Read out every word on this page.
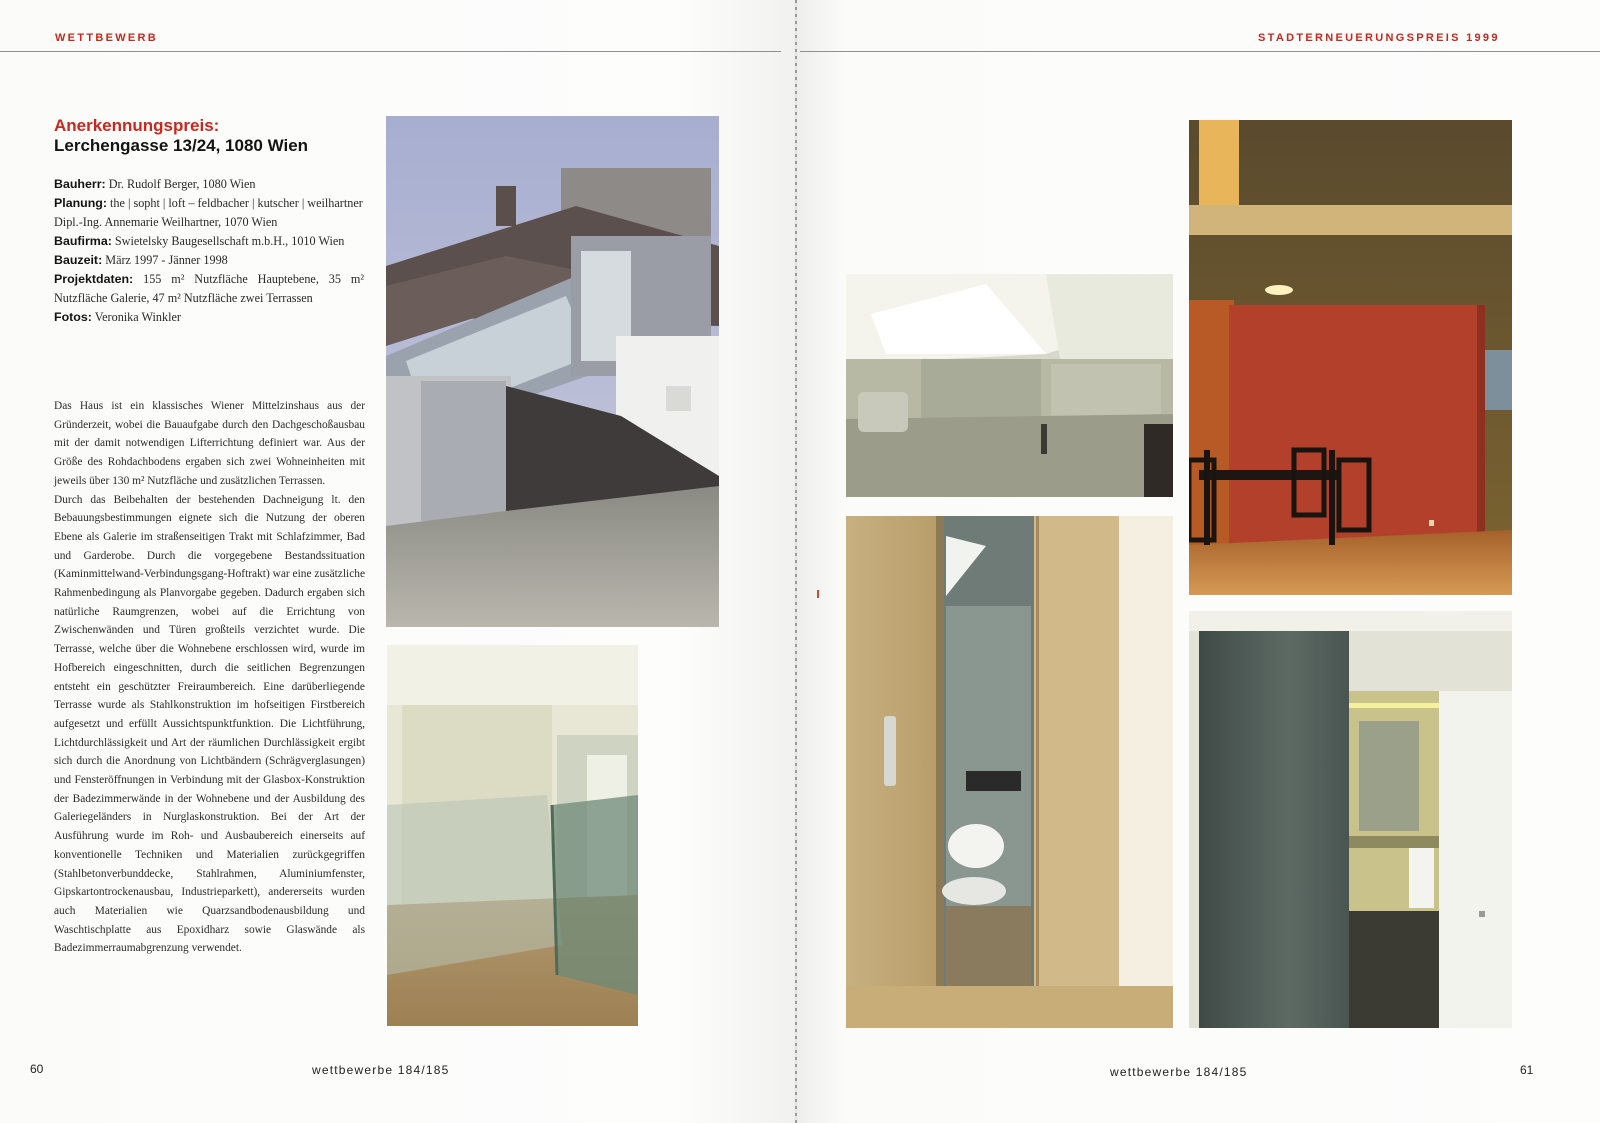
WETTBEWERB	STADTERNEUERUNGSPREIS 1999
Anerkennungspreis:
Lerchengasse 13/24, 1080 Wien

Bauherr: Dr. Rudolf Berger, 1080 Wien

Planung: the | sopht | loft – feldbacher | kutscher | weilhartner

Dipl.-Ing. Annemarie Weilhartner, 1070 Wien

Baufirma: Swietelsky Baugesellschaft m.b.H., 1010 Wien

Bauzeit: März 1997 - Jänner 1998

Projektdaten: 155 m² Nutzfläche Hauptebene, 35 m² Nutzfläche Galerie, 47 m² Nutzfläche zwei Terrassen

Fotos: Veronika Winkler

Das Haus ist ein klassisches Wiener Mittelzinshaus aus der Gründerzeit, wobei die Bauaufgabe durch den Dachgeschoßausbau mit der damit notwendigen Lifterrichtung definiert war. Aus der Größe des Rohdachbodens ergaben sich zwei Wohneinheiten mit jeweils über 130 m² Nutzfläche und zusätzlichen Terrassen.

Durch das Beibehalten der bestehenden Dachneigung lt. den Bebauungsbestimmungen eignete sich die Nutzung der oberen Ebene als Galerie im straßenseitigen Trakt mit Schlafzimmer, Bad und Garderobe. Durch die vorgegebene Bestandssituation (Kaminmittelwand-Verbindungsgang-Hoftrakt) war eine zusätzliche Rahmenbedingung als Planvorgabe gegeben. Dadurch ergaben sich natürliche Raumgrenzen, wobei auf die Errichtung von Zwischenwänden und Türen großteils verzichtet wurde. Die Terrasse, welche über die Wohnebene erschlossen wird, wurde im Hofbereich eingeschnitten, durch die seitlichen Begrenzungen entsteht ein geschützter Freiraumbereich. Eine darüberliegende Terrasse wurde als Stahlkonstruktion im hofseitigen Firstbereich aufgesetzt und erfüllt Aussichtspunktfunktion. Die Lichtführung, Lichtdurchlässigkeit und Art der räumlichen Durchlässigkeit ergibt sich durch die Anordnung von Lichtbändern (Schrägverglasungen) und Fensteröffnungen in Verbindung mit der Glasbox-Konstruktion der Badezimmerwände in der Wohnebene und der Ausbildung des Galeriegeländers in Nurglaskonstruktion. Bei der Art der Ausführung wurde im Roh- und Ausbaubereich einerseits auf konventionelle Techniken und Materialien zurückgegriffen (Stahlbetonverbunddecke, Stahlrahmen, Aluminiumfenster, Gipskartontrockenausbau, Industrieparkett), andererseits wurden auch Materialien wie Quarzsandbodenausbildung und Waschtischplatte aus Epoxidharz sowie Glaswände als Badezimmerraumabgrenzung verwendet.

60	wettbewerbe 184/185	wettbewerbe 184/185	61
